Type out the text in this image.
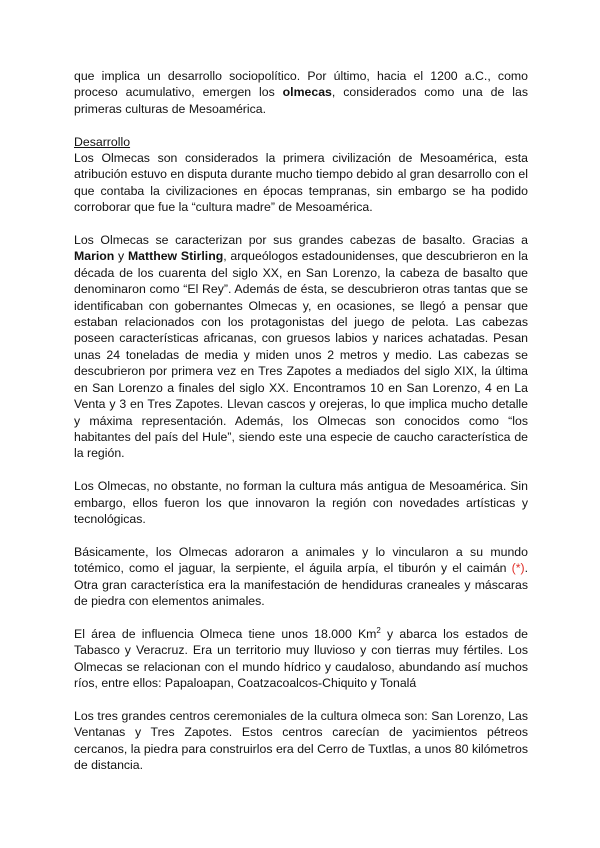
que implica un desarrollo sociopolítico. Por último, hacia el 1200 a.C., como proceso acumulativo, emergen los olmecas, considerados como una de las primeras culturas de Mesoamérica.

Desarrollo

Los Olmecas son considerados la primera civilización de Mesoamérica, esta atribución estuvo en disputa durante mucho tiempo debido al gran desarrollo con el que contaba la civilizaciones en épocas tempranas, sin embargo se ha podido corroborar que fue la “cultura madre” de Mesoamérica.

Los Olmecas se caracterizan por sus grandes cabezas de basalto. Gracias a Marion y Matthew Stirling, arqueólogos estadounidenses, que descubrieron en la década de los cuarenta del siglo XX, en San Lorenzo, la cabeza de basalto que denominaron como “El Rey”. Además de ésta, se descubrieron otras tantas que se identificaban con gobernantes Olmecas y, en ocasiones, se llegó a pensar que estaban relacionados con los protagonistas del juego de pelota. Las cabezas poseen características africanas, con gruesos labios y narices achatadas. Pesan unas 24 toneladas de media y miden unos 2 metros y medio. Las cabezas se descubrieron por primera vez en Tres Zapotes a mediados del siglo XIX, la última en San Lorenzo a finales del siglo XX. Encontramos 10 en San Lorenzo, 4 en La Venta y 3 en Tres Zapotes. Llevan cascos y orejeras, lo que implica mucho detalle y máxima representación. Además, los Olmecas son conocidos como “los habitantes del país del Hule”, siendo este una especie de caucho característica de la región.

Los Olmecas, no obstante, no forman la cultura más antigua de Mesoamérica. Sin embargo, ellos fueron los que innovaron la región con novedades artísticas y tecnológicas.

Básicamente, los Olmecas adoraron a animales y lo vincularon a su mundo totémico, como el jaguar, la serpiente, el águila arpía, el tiburón y el caimán (*). Otra gran característica era la manifestación de hendiduras craneales y máscaras de piedra con elementos animales.

El área de influencia Olmeca tiene unos 18.000 Km$^2$ y abarca los estados de Tabasco y Veracruz. Era un territorio muy lluvioso y con tierras muy fértiles. Los Olmecas se relacionan con el mundo hídrico y caudaloso, abundando así muchos ríos, entre ellos: Papaloapan, Coatzacoalcos-Chiquito y Tonalá

Los tres grandes centros ceremoniales de la cultura olmeca son: San Lorenzo, Las Ventanas y Tres Zapotes. Estos centros carecían de yacimientos pétreos cercanos, la piedra para construirlos era del Cerro de Tuxtlas, a unos 80 kilómetros de distancia.
